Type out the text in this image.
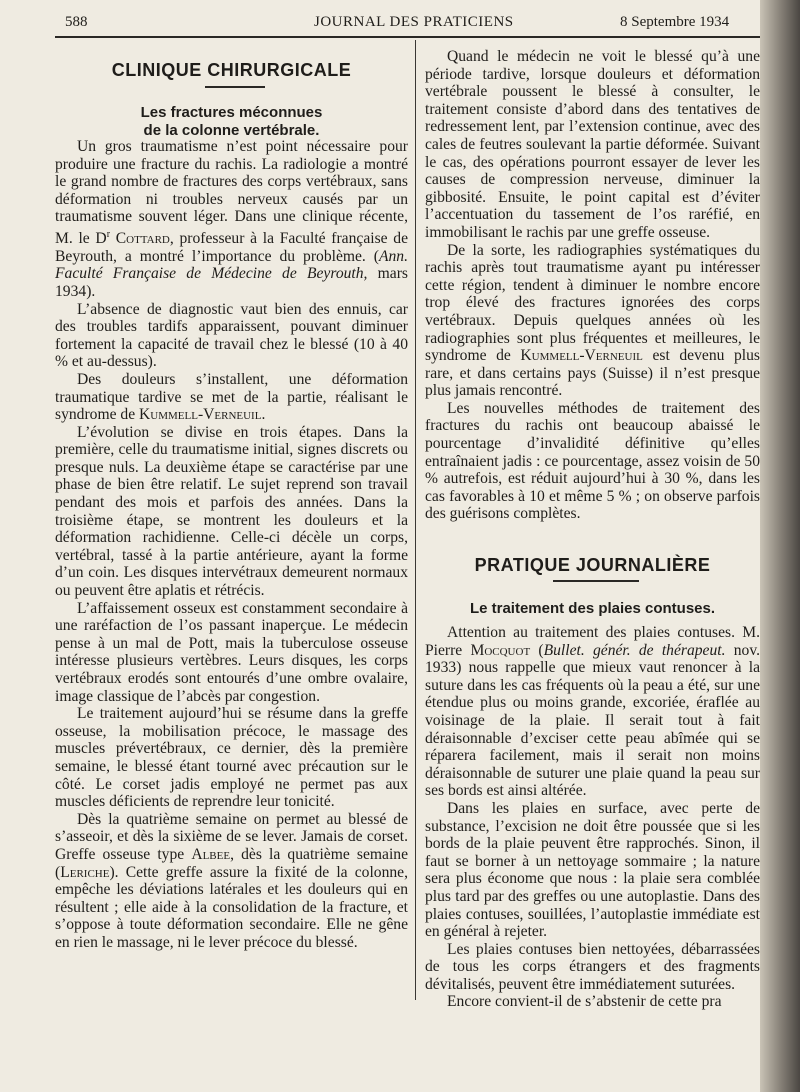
588	JOURNAL DES PRATICIENS	8 Septembre 1934
CLINIQUE CHIRURGICALE
Les fractures méconnues
de la colonne vertébrale.

Un gros traumatisme n’est point nécessaire pour produire une fracture du rachis. La radiologie a montré le grand nombre de fractures des corps vertébraux, sans déformation ni troubles nerveux causés par un traumatisme souvent léger. Dans une clinique récente, M. le $D^r$ Cottard, professeur à la Faculté française de Beyrouth, a montré l’importance du problème. (Ann. Faculté Française de Médecine de Beyrouth, mars 1934).

L’absence de diagnostic vaut bien des ennuis, car des troubles tardifs apparaissent, pouvant diminuer fortement la capacité de travail chez le blessé (10 à 40 % et au-dessus).

Des douleurs s’installent, une déformation traumatique tardive se met de la partie, réalisant le syndrome de Kummell-Verneuil.

L’évolution se divise en trois étapes. Dans la première, celle du traumatisme initial, signes discrets ou presque nuls. La deuxième étape se caractérise par une phase de bien être relatif. Le sujet reprend son travail pendant des mois et parfois des années. Dans la troisième étape, se montrent les douleurs et la déformation rachidienne. Celle-ci décèle un corps, vertébral, tassé à la partie antérieure, ayant la forme d’un coin. Les disques intervétraux demeurent normaux ou peuvent être aplatis et rétrécis.

L’affaissement osseux est constamment secondaire à une raréfaction de l’os passant inaperçue. Le médecin pense à un mal de Pott, mais la tuberculose osseuse intéresse plusieurs vertèbres. Leurs disques, les corps vertébraux erodés sont entourés d’une ombre ovalaire, image classique de l’abcès par congestion.

Le traitement aujourd’hui se résume dans la greffe osseuse, la mobilisation précoce, le massage des muscles prévertébraux, ce dernier, dès la première semaine, le blessé étant tourné avec précaution sur le côté. Le corset jadis employé ne permet pas aux muscles déficients de reprendre leur tonicité.

Dès la quatrième semaine on permet au blessé de s’asseoir, et dès la sixième de se lever. Jamais de corset. Greffe osseuse type Albee, dès la quatrième semaine (Leriche). Cette greffe assure la fixité de la colonne, empêche les déviations latérales et les douleurs qui en résultent ; elle aide à la consolidation de la fracture, et s’oppose à toute déformation secondaire. Elle ne gêne en rien le massage, ni le lever précoce du blessé.

Quand le médecin ne voit le blessé qu’à une période tardive, lorsque douleurs et déformation vertébrale poussent le blessé à consulter, le traitement consiste d’abord dans des tentatives de redressement lent, par l’extension continue, avec des cales de feutres soulevant la partie déformée. Suivant le cas, des opérations pourront essayer de lever les causes de compression nerveuse, diminuer la gibbosité. Ensuite, le point capital est d’éviter l’accentuation du tassement de l’os raréfié, en immobilisant le rachis par une greffe osseuse.

De la sorte, les radiographies systématiques du rachis après tout traumatisme ayant pu intéresser cette région, tendent à diminuer le nombre encore trop élevé des fractures ignorées des corps vertébraux. Depuis quelques années où les radiographies sont plus fréquentes et meilleures, le syndrome de Kummell-Verneuil est devenu plus rare, et dans certains pays (Suisse) il n’est presque plus jamais rencontré.

Les nouvelles méthodes de traitement des fractures du rachis ont beaucoup abaissé le pourcentage d’invalidité définitive qu’elles entraînaient jadis : ce pourcentage, assez voisin de 50 % autrefois, est réduit aujourd’hui à 30 %, dans les cas favorables à 10 et même 5 % ; on observe parfois des guérisons complètes.

PRATIQUE JOURNALIÈRE
Le traitement des plaies contuses.

Attention au traitement des plaies contuses. M. Pierre Mocquot (Bullet. génér. de thérapeut. nov. 1933) nous rappelle que mieux vaut renoncer à la suture dans les cas fréquents où la peau a été, sur une étendue plus ou moins grande, excoriée, éraflée au voisinage de la plaie. Il serait tout à fait déraisonnable d’exciser cette peau abîmée qui se réparera facilement, mais il serait non moins déraisonnable de suturer une plaie quand la peau sur ses bords est ainsi altérée.

Dans les plaies en surface, avec perte de substance, l’excision ne doit être poussée que si les bords de la plaie peuvent être rapprochés. Sinon, il faut se borner à un nettoyage sommaire ; la nature sera plus économe que nous : la plaie sera comblée plus tard par des greffes ou une autoplastie. Dans des plaies contuses, souillées, l’autoplastie immédiate est en général à rejeter.

Les plaies contuses bien nettoyées, débarrassées de tous les corps étrangers et des fragments dévitalisés, peuvent être immédiatement suturées.

Encore convient-il de s’abstenir de cette pra
